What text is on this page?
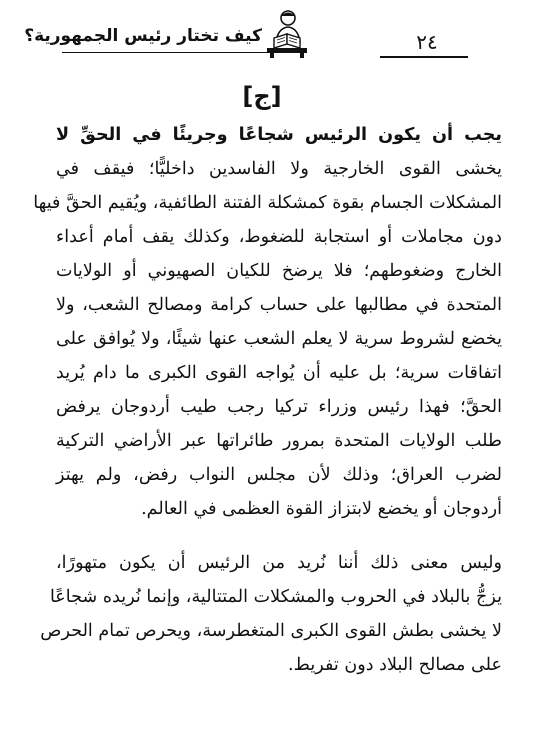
٢٤
كيف تختار رئيس الجمهورية؟
[ج]
يجب أن يكون الرئيس شجاعًا وجريئًا في الحقِّ لا
يخشى القوى الخارجية ولا الفاسدين داخليًّا؛ فيقف في
المشكلات الجسام بقوة كمشكلة الفتنة الطائفية، ويُقيم الحقَّ فيها
دون مجاملات أو استجابة للضغوط، وكذلك يقف أمام أعداء
الخارج وضغوطهم؛ فلا يرضخ للكيان الصهيوني أو الولايات
المتحدة في مطالبها على حساب كرامة ومصالح الشعب، ولا
يخضع لشروط سرية لا يعلم الشعب عنها شيئًا، ولا يُوافق على
اتفاقات سرية؛ بل عليه أن يُواجه القوى الكبرى ما دام يُريد
الحقَّ؛ فهذا رئيس وزراء تركيا رجب طيب أردوجان يرفض
طلب الولايات المتحدة بمرور طائراتها عبر الأراضي التركية
لضرب العراق؛ وذلك لأن مجلس النواب رفض، ولم يهتز
أردوجان أو يخضع لابتزاز القوة العظمى في العالم.
وليس معنى ذلك أننا نُريد من الرئيس أن يكون متهورًا،
يزجُّ بالبلاد في الحروب والمشكلات المتتالية، وإنما نُريده شجاعًا
لا يخشى بطش القوى الكبرى المتغطرسة، ويحرص تمام الحرص
على مصالح البلاد دون تفريط.
